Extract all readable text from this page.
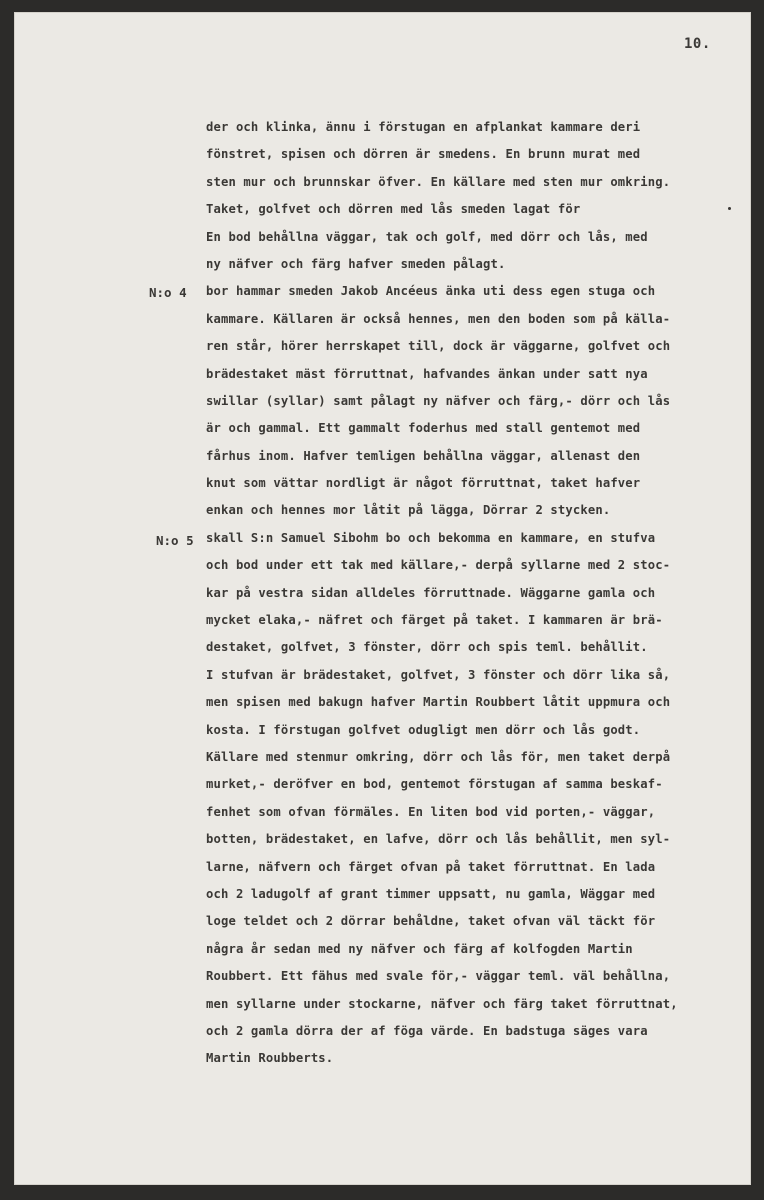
10.
N:o 4
N:o 5
der och klinka, ännu i förstugan en afplankat kammare deri
fönstret, spisen och dörren är smedens. En brunn murat med
sten mur och brunnskar öfver. En källare med sten mur omkring.
Taket, golfvet och dörren med lås smeden lagat för
En bod behållna väggar, tak och golf, med dörr och lås, med
ny näfver och färg hafver smeden pålagt.
bor hammar smeden Jakob Ancéeus änka uti dess egen stuga och
kammare. Källaren är också hennes, men den boden som på källa-
ren står, hörer herrskapet till, dock är väggarne, golfvet och
brädestaket mäst förruttnat, hafvandes änkan under satt nya
swillar (syllar) samt pålagt ny näfver och färg,- dörr och lås
är och gammal. Ett gammalt foderhus med stall gentemot med
fårhus inom. Hafver temligen behållna väggar, allenast den
knut som vättar nordligt är något förruttnat, taket hafver
enkan och hennes mor låtit på lägga, Dörrar 2 stycken.
skall S:n Samuel Sibohm bo och bekomma en kammare, en stufva
och bod under ett tak med källare,- derpå syllarne med 2 stoc-
kar på vestra sidan alldeles förruttnade. Wäggarne gamla och
mycket elaka,- näfret och färget på taket. I kammaren är brä-
destaket, golfvet, 3 fönster, dörr och spis teml. behållit.
I stufvan är brädestaket, golfvet, 3 fönster och dörr lika så,
men spisen med bakugn hafver Martin Roubbert låtit uppmura och
kosta. I förstugan golfvet odugligt men dörr och lås godt.
Källare med stenmur omkring, dörr och lås för, men taket derpå
murket,- deröfver en bod, gentemot förstugan af samma beskaf-
fenhet som ofvan förmäles. En liten bod vid porten,- väggar,
botten, brädestaket, en lafve, dörr och lås behållit, men syl-
larne, näfvern och färget ofvan på taket förruttnat. En lada
och 2 ladugolf af grant timmer uppsatt, nu gamla, Wäggar med
loge teldet och 2 dörrar behåldne, taket ofvan väl täckt för
några år sedan med ny näfver och färg af kolfogden Martin
Roubbert. Ett fähus med svale för,- väggar teml. väl behållna,
men syllarne under stockarne, näfver och färg taket förruttnat,
och 2 gamla dörra der af föga värde. En badstuga säges vara
Martin Roubberts.
